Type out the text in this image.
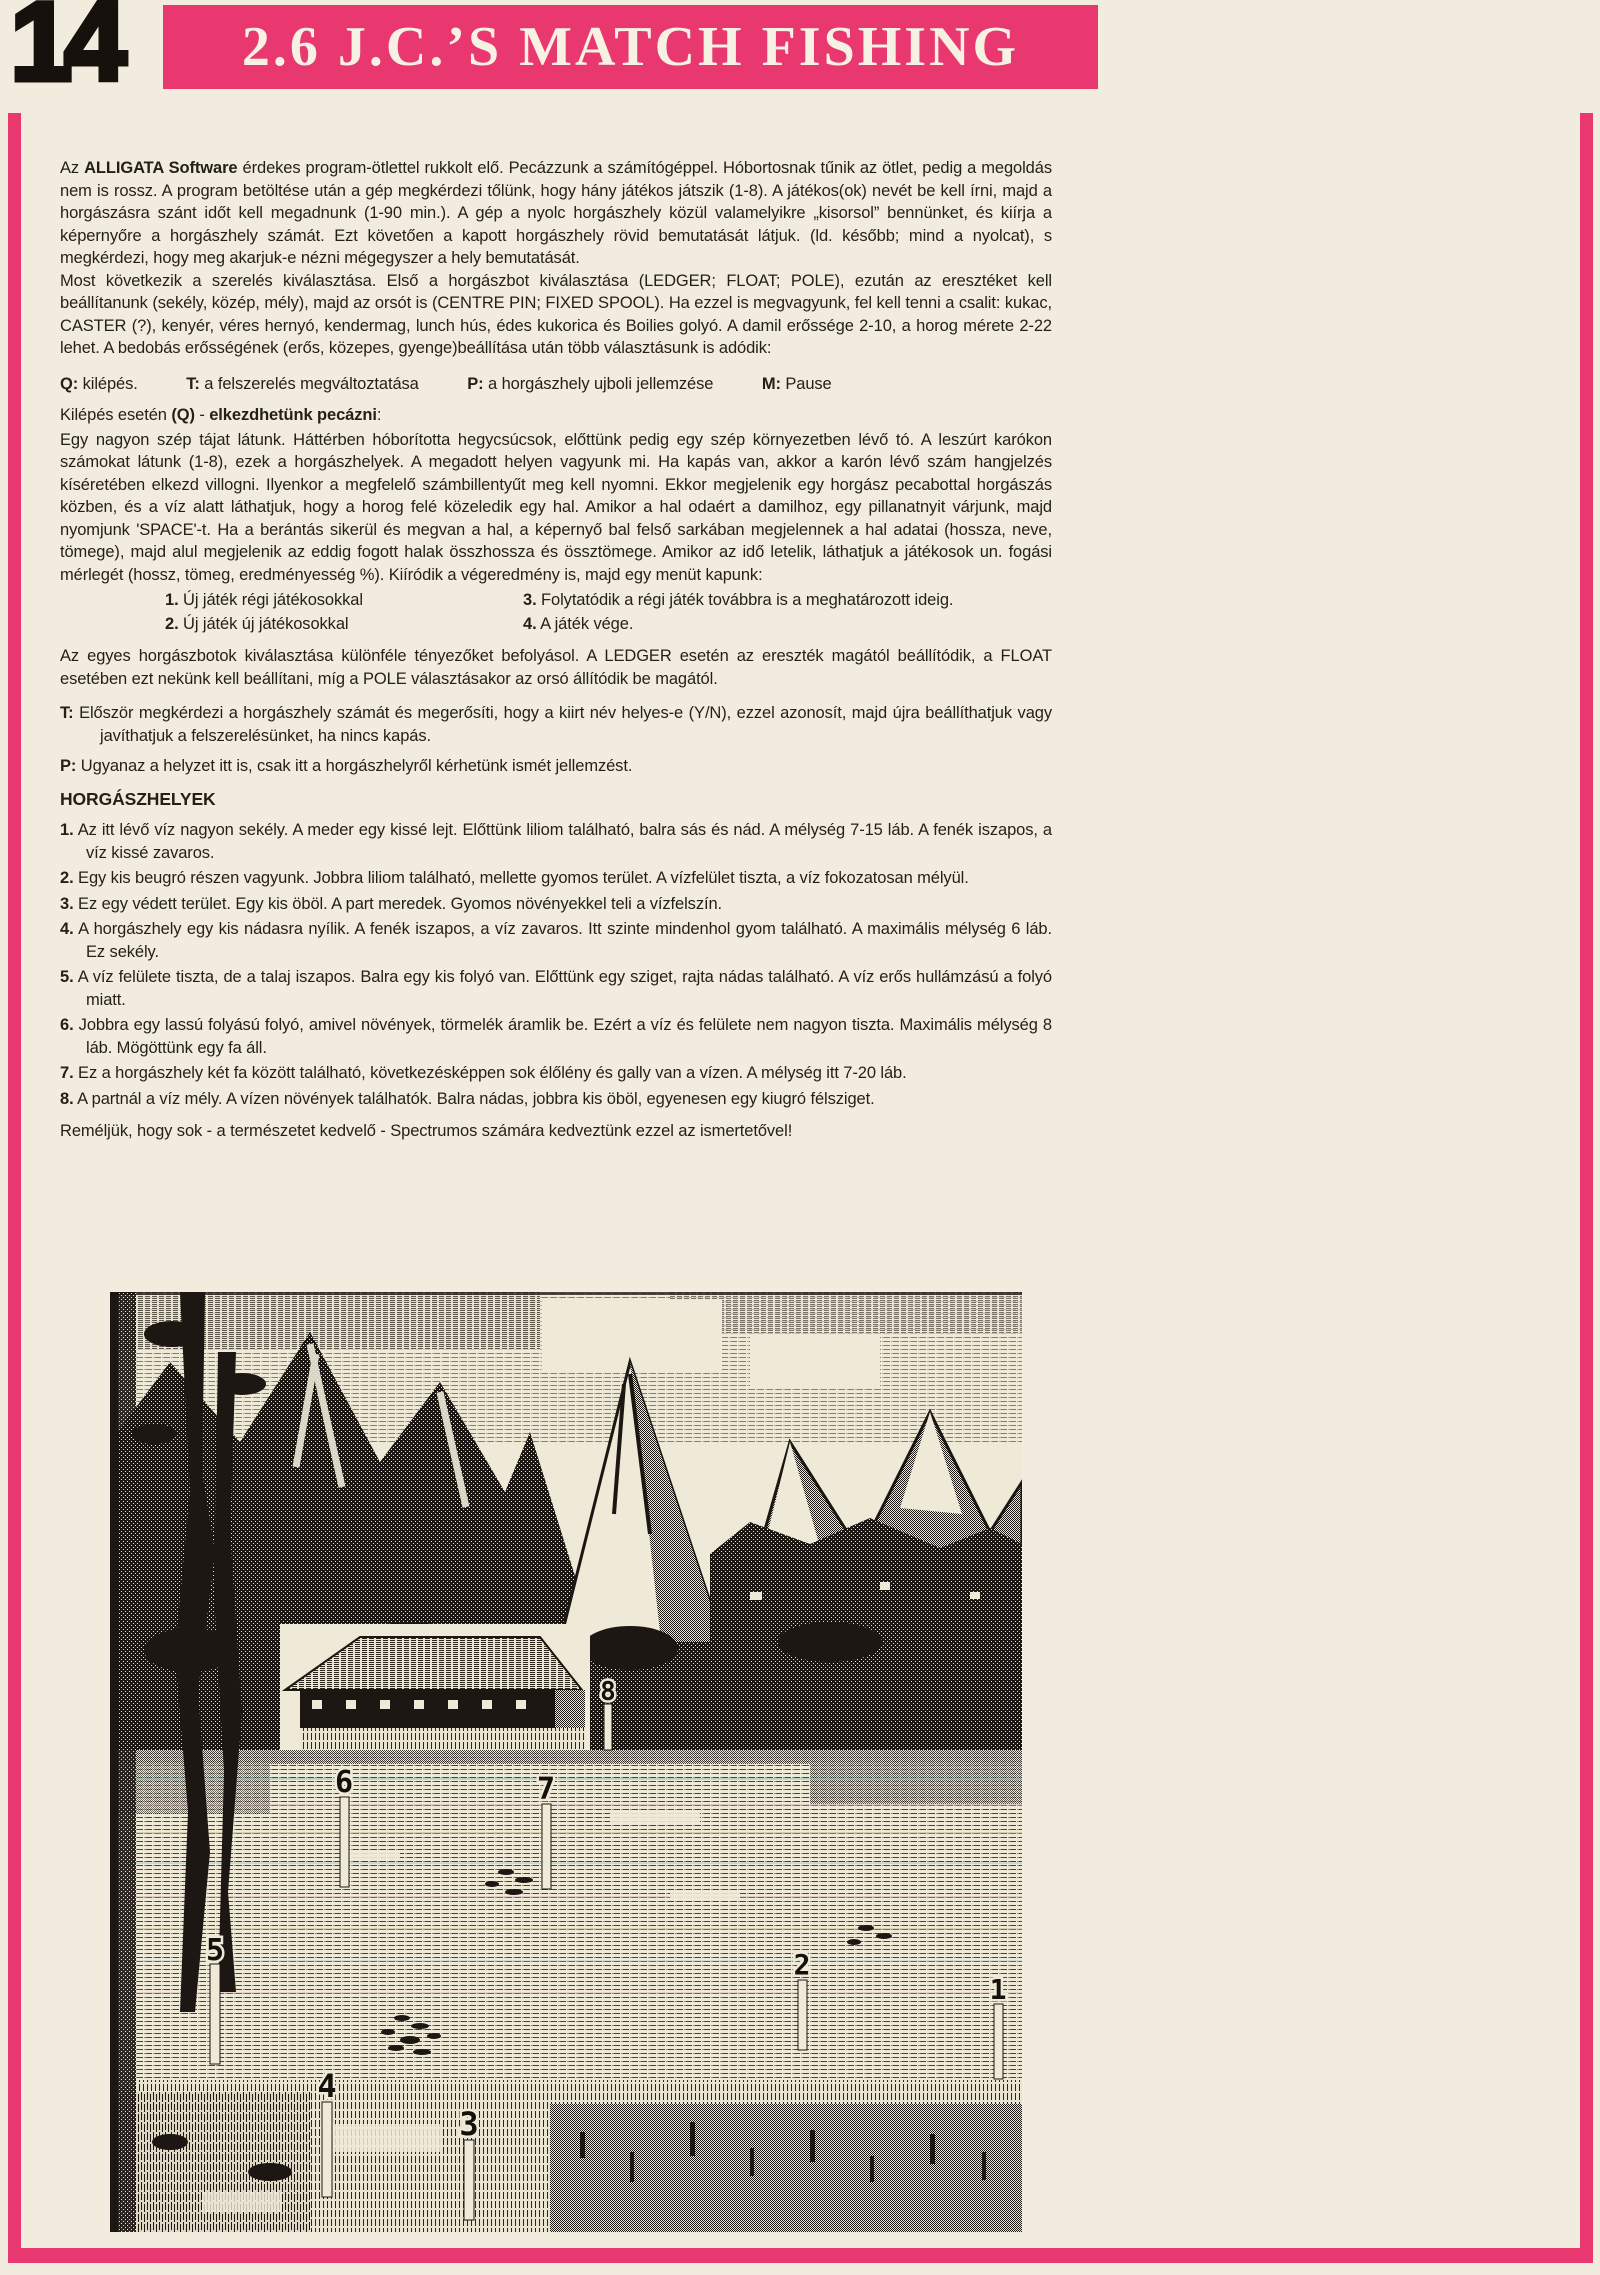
14 2.6 J.C.’S MATCH FISHING

Az ALLIGATA Software érdekes program-ötlettel rukkolt elő. Pecázzunk a számítógéppel. Hóbortosnak tűnik az ötlet, pedig a megoldás nem is rossz. A program betöltése után a gép megkérdezi tőlünk, hogy hány játékos játszik (1-8). A játékos(ok) nevét be kell írni, majd a horgászásra szánt időt kell megadnunk (1-90 min.). A gép a nyolc horgászhely közül valamelyikre „kisorsol” bennünket, és kiírja a képernyőre a horgászhely számát. Ezt követően a kapott horgászhely rövid bemutatását látjuk. (ld. később; mind a nyolcat), s megkérdezi, hogy meg akarjuk-e nézni mégegyszer a hely bemutatását.

Most következik a szerelés kiválasztása. Első a horgászbot kiválasztása (LEDGER; FLOAT; POLE), ezután az eresztéket kell beállítanunk (sekély, közép, mély), majd az orsót is (CENTRE PIN; FIXED SPOOL). Ha ezzel is megvagyunk, fel kell tenni a csalit: kukac, CASTER (?), kenyér, véres hernyó, kendermag, lunch hús, édes kukorica és Boilies golyó. A damil erőssége 2-10, a horog mérete 2-22 lehet. A bedobás erősségének (erős, közepes, gyenge)beállítása után több választásunk is adódik:

Q: kilépés.	T: a felszerelés megváltoztatása	P: a horgászhely ujboli jellemzése	M: Pause

Kilépés esetén (Q) - elkezdhetünk pecázni:

Egy nagyon szép tájat látunk. Háttérben hóborította hegycsúcsok, előttünk pedig egy szép környezetben lévő tó. A leszúrt karókon számokat látunk (1-8), ezek a horgászhelyek. A megadott helyen vagyunk mi. Ha kapás van, akkor a karón lévő szám hangjelzés kíséretében elkezd villogni. Ilyenkor a megfelelő számbillentyűt meg kell nyomni. Ekkor megjelenik egy horgász pecabottal horgászás közben, és a víz alatt láthatjuk, hogy a horog felé közeledik egy hal. Amikor a hal odaért a damilhoz, egy pillanatnyit várjunk, majd nyomjunk 'SPACE'-t. Ha a berántás sikerül és megvan a hal, a képernyő bal felső sarkában megjelennek a hal adatai (hossza, neve, tömege), majd alul megjelenik az eddig fogott halak összhossza és össztömege. Amikor az idő letelik, láthatjuk a játékosok un. fogási mérlegét (hossz, tömeg, eredményesség %). Kiíródik a végeredmény is, majd egy menüt kapunk:

1. Új játék régi játékosokkal	3. Folytatódik a régi játék továbbra is a meghatározott ideig.
2. Új játék új játékosokkal	4. A játék vége.

Az egyes horgászbotok kiválasztása különféle tényezőket befolyásol. A LEDGER esetén az ereszték magától beállítódik, a FLOAT esetében ezt nekünk kell beállítani, míg a POLE választásakor az orsó állítódik be magától.

T: Először megkérdezi a horgászhely számát és megerősíti, hogy a kiirt név helyes-e (Y/N), ezzel azonosít, majd újra beállíthatjuk vagy javíthatjuk a felszerelésünket, ha nincs kapás.

P: Ugyanaz a helyzet itt is, csak itt a horgászhelyről kérhetünk ismét jellemzést.

HORGÁSZHELYEK

1. Az itt lévő víz nagyon sekély. A meder egy kissé lejt. Előttünk liliom található, balra sás és nád. A mélység 7-15 láb. A fenék iszapos, a víz kissé zavaros.

2. Egy kis beugró részen vagyunk. Jobbra liliom található, mellette gyomos terület. A vízfelület tiszta, a víz fokozatosan mélyül.

3. Ez egy védett terület. Egy kis öböl. A part meredek. Gyomos növényekkel teli a vízfelszín.

4. A horgászhely egy kis nádasra nyílik. A fenék iszapos, a víz zavaros. Itt szinte mindenhol gyom található. A maximális mélység 6 láb. Ez sekély.

5. A víz felülete tiszta, de a talaj iszapos. Balra egy kis folyó van. Előttünk egy sziget, rajta nádas található. A víz erős hullámzású a folyó miatt.

6. Jobbra egy lassú folyású folyó, amivel növények, törmelék áramlik be. Ezért a víz és felülete nem nagyon tiszta. Maximális mélység 8 láb. Mögöttünk egy fa áll.

7. Ez a horgászhely két fa között található, következésképpen sok élőlény és gally van a vízen. A mélység itt 7-20 láb.

8. A partnál a víz mély. A vízen növények találhatók. Balra nádas, jobbra kis öböl, egyenesen egy kiugró félsziget.

Reméljük, hogy sok - a természetet kedvelő - Spectrumos számára kedveztünk ezzel az ismertetővel!

8
6	7
5	2
1
4
3
